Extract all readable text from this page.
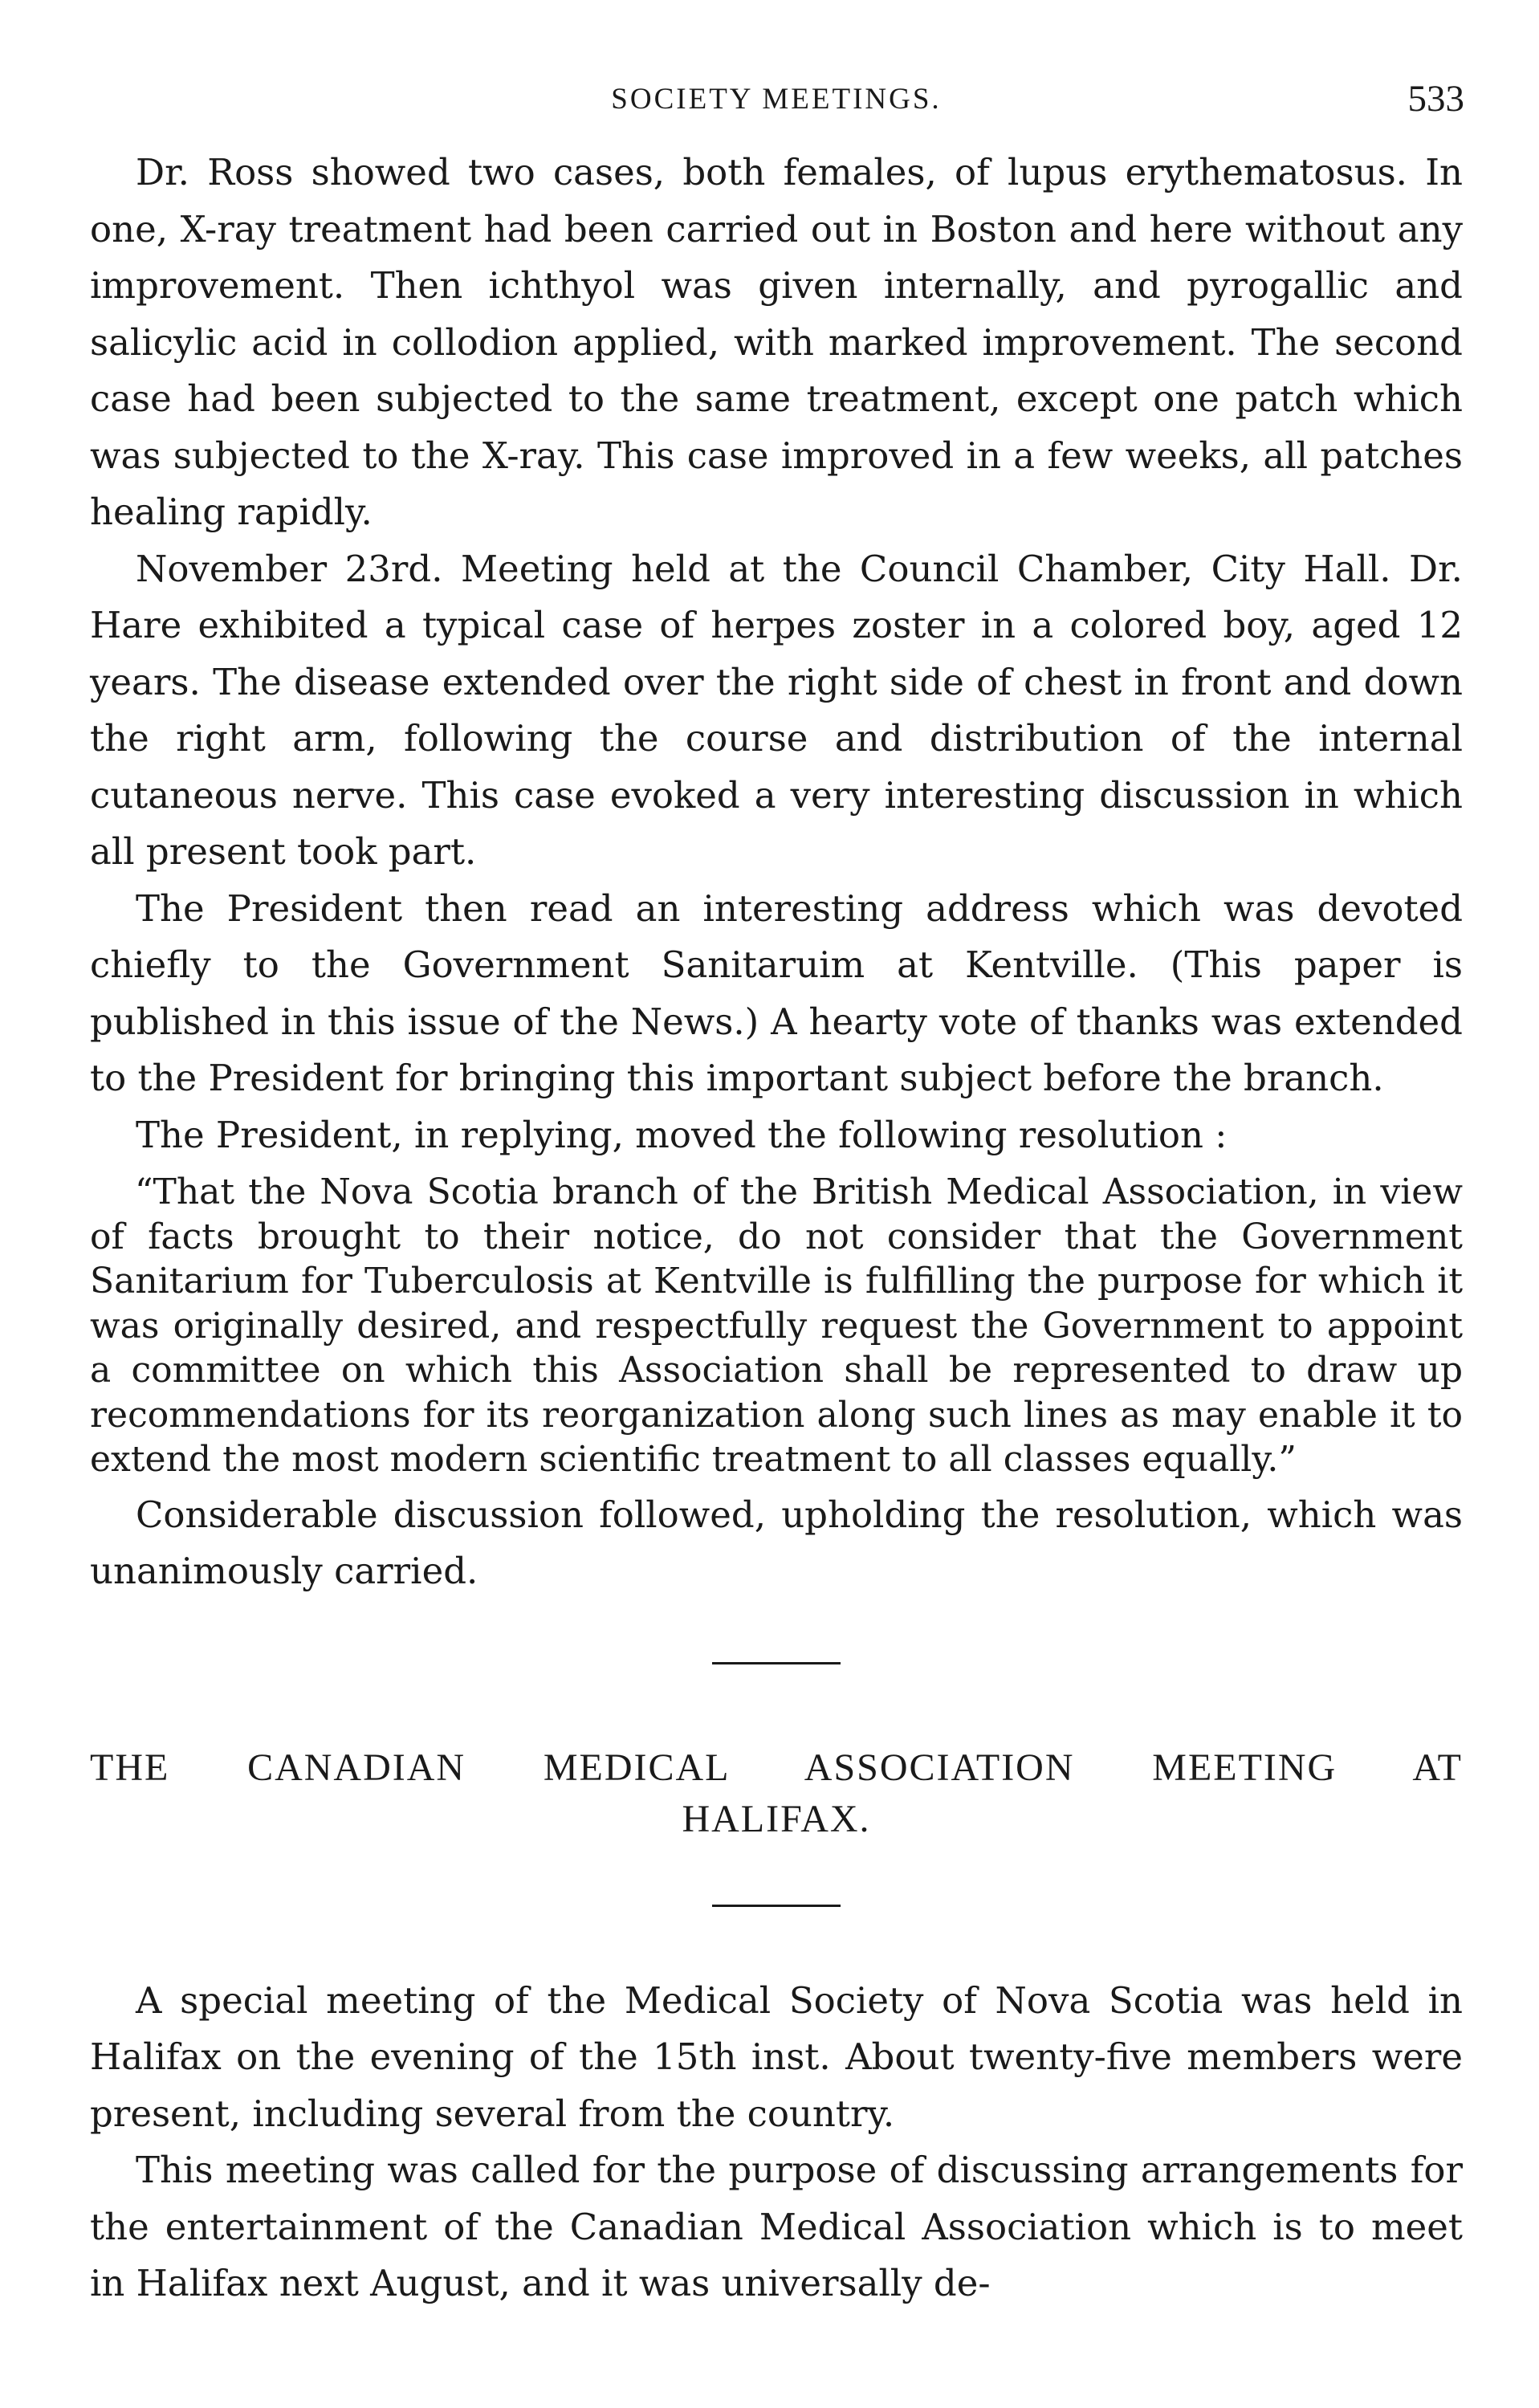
SOCIETY MEETINGS.	533

Dr. Ross showed two cases, both females, of lupus erythematosus. In one, X-ray treatment had been carried out in Boston and here without any improvement. Then ichthyol was given internally, and pyrogallic and salicylic acid in collodion applied, with marked improvement. The second case had been subjected to the same treatment, except one patch which was subjected to the X-ray. This case improved in a few weeks, all patches healing rapidly.

November 23rd. Meeting held at the Council Chamber, City Hall. Dr. Hare exhibited a typical case of herpes zoster in a colored boy, aged 12 years. The disease extended over the right side of chest in front and down the right arm, following the course and distribution of the internal cutaneous nerve. This case evoked a very interesting discussion in which all present took part.

The President then read an interesting address which was devoted chiefly to the Government Sanitaruim at Kentville. (This paper is published in this issue of the News.) A hearty vote of thanks was extended to the President for bringing this important subject before the branch.

The President, in replying, moved the following resolution :

“That the Nova Scotia branch of the British Medical Association, in view of facts brought to their notice, do not consider that the Government Sanitarium for Tuberculosis at Kentville is fulfilling the purpose for which it was originally desired, and respectfully request the Government to appoint a committee on which this Association shall be represented to draw up recommendations for its reorganization along such lines as may enable it to extend the most modern scientific treatment to all classes equally.”

Considerable discussion followed, upholding the resolution, which was unanimously carried.

THE CANADIAN MEDICAL ASSOCIATION MEETING AT
HALIFAX.

A special meeting of the Medical Society of Nova Scotia was held in Halifax on the evening of the 15th inst. About twenty-five members were present, including several from the country.

This meeting was called for the purpose of discussing arrangements for the entertainment of the Canadian Medical Association which is to meet in Halifax next August, and it was universally de-
